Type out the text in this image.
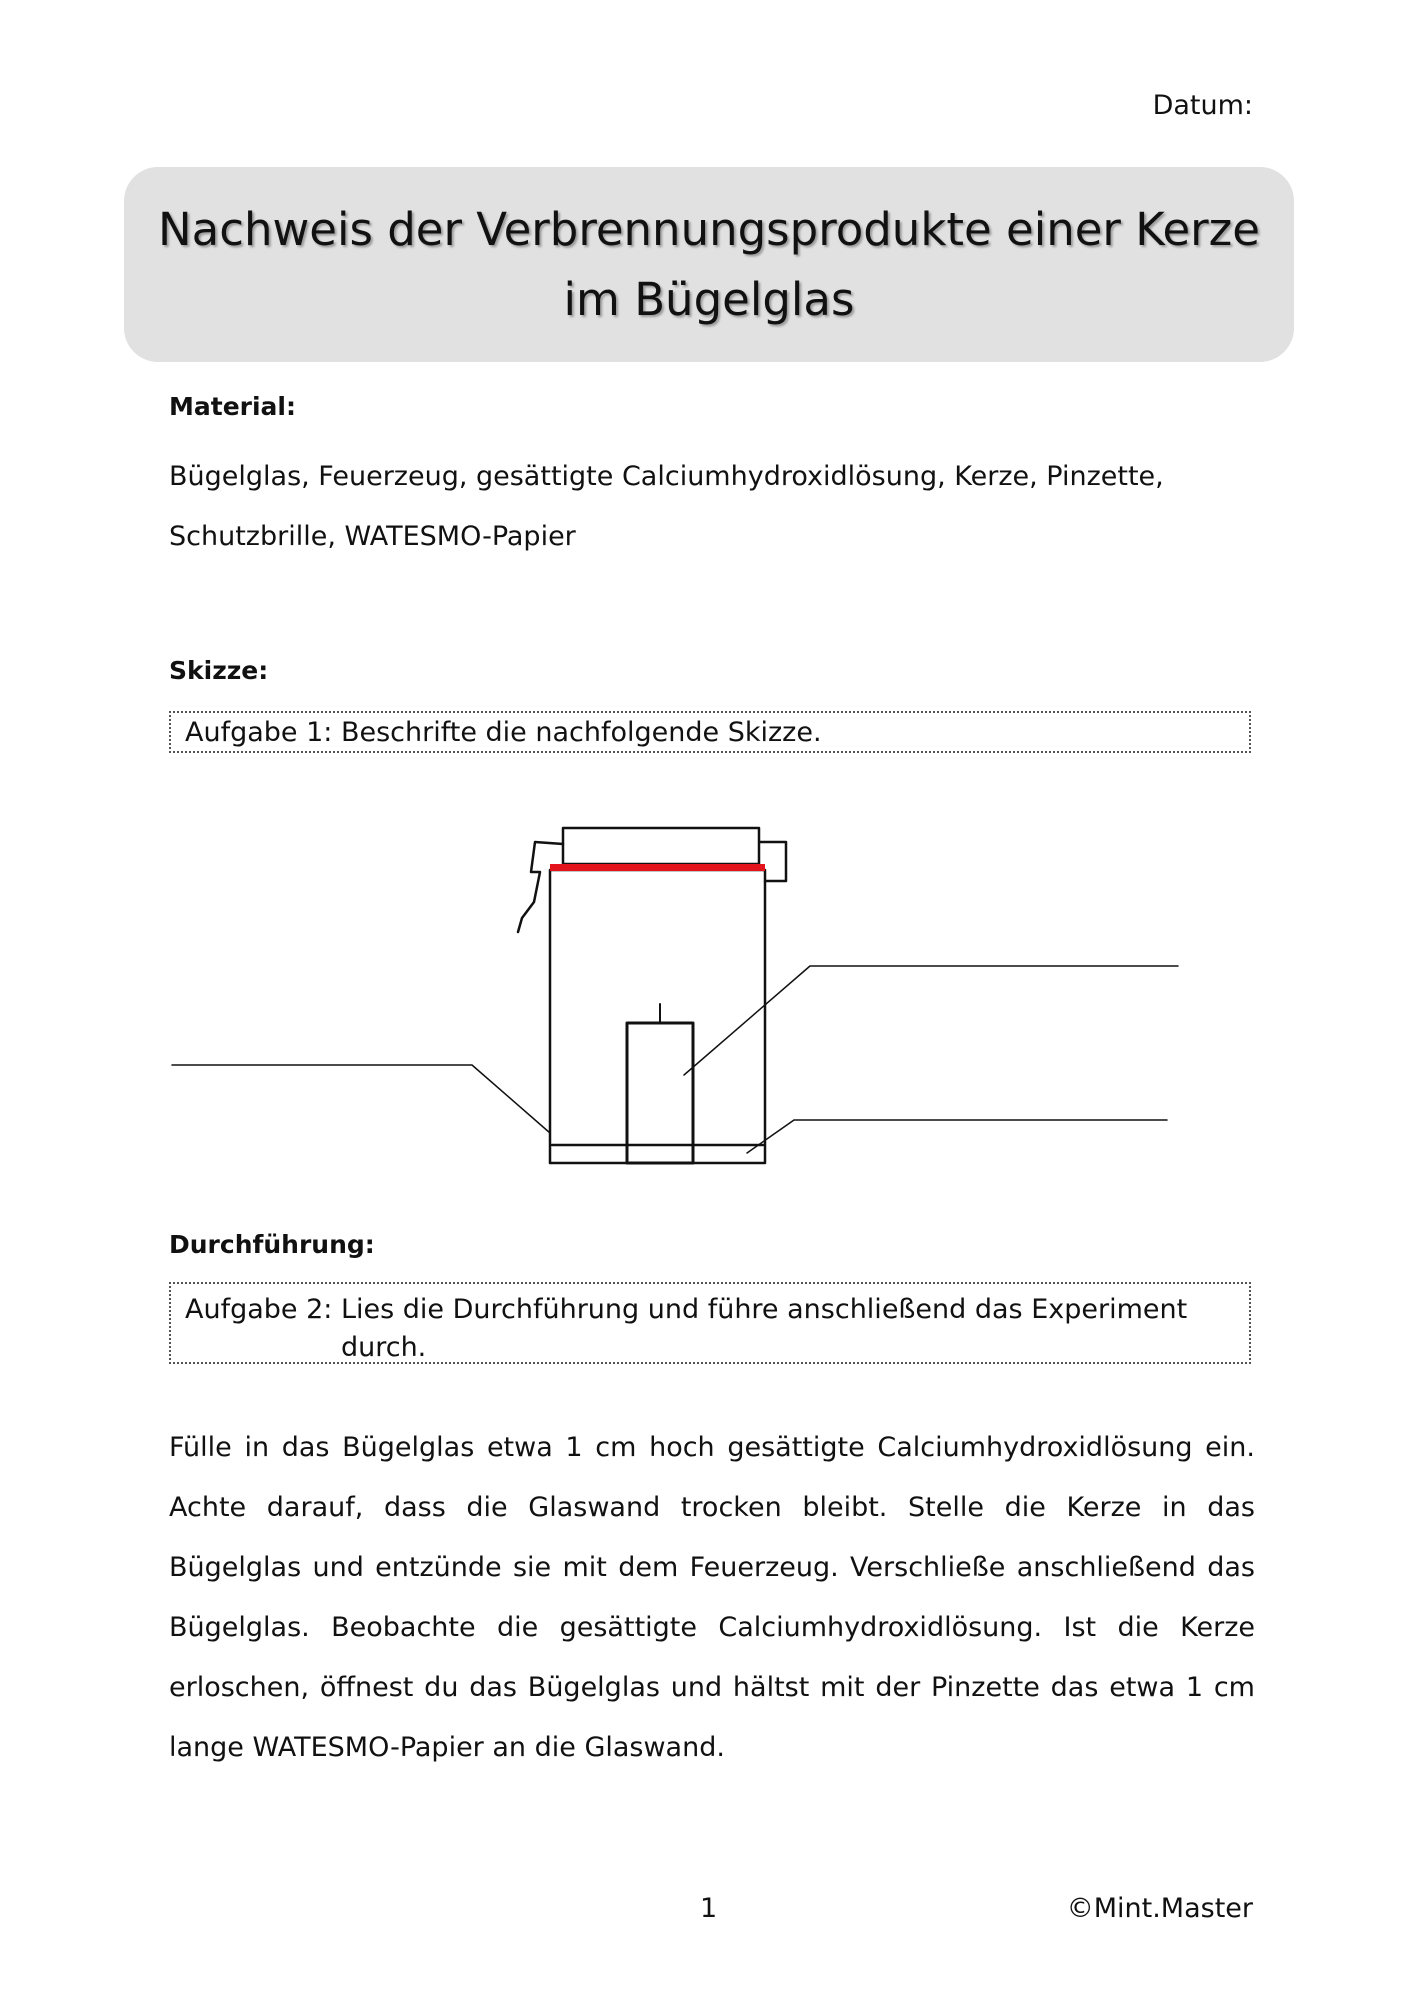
Datum:
Nachweis der Verbrennungsprodukte einer Kerze
im Bügelglas
Material:
Bügelglas, Feuerzeug, gesättigte Calciumhydroxidlösung, Kerze, Pinzette, Schutzbrille, WATESMO-Papier
Skizze:
Aufgabe 1: Beschrifte die nachfolgende Skizze.
Durchführung:
Aufgabe 2: Lies die Durchführung und führe anschließend das Experiment durch.
Fülle in das Bügelglas etwa 1 cm hoch gesättigte Calciumhydroxidlösung ein. Achte darauf, dass die Glaswand trocken bleibt. Stelle die Kerze in das Bügelglas und entzünde sie mit dem Feuerzeug. Verschließe anschließend das Bügelglas. Beobachte die gesättigte Calciumhydroxidlösung. Ist die Kerze erloschen, öffnest du das Bügelglas und hältst mit der Pinzette das etwa 1 cm lange WATESMO-Papier an die Glaswand.
1	©Mint.Master
